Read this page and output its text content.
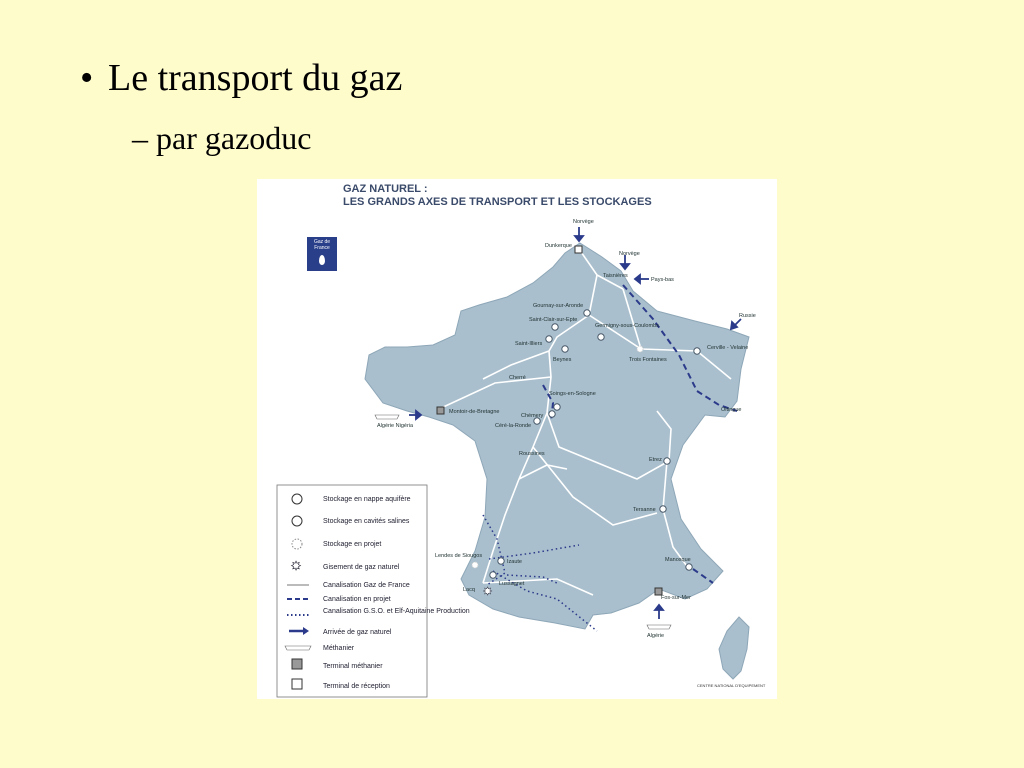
• Le transport du gaz
– par gazoduc
✸
Dunkerque
Taisnières
Gournay-sur-Aronde
Saint-Clair-sur-Epte
Germigny-sous-Coulombs
Saint-Illiers
Beynes	Trois Fontaines
Cerville - Velaine
Cherré
Soings-en-Sologne
Chémery
Montoir-de-Bretagne
Céré-la-Ronde
Roussines
Etrez
Oltingue
Tersanne
Lendes de Siougos
Izaute
Lussagnet
Lacq
Manosque
Fos-sur-Mer
Norvège
Norvège
Pays-bas
Russie
Algérie Nigéria
Algérie
✸
Stockage en nappe aquifère
Stockage en cavités salines
Stockage en projet
Gisement de gaz naturel
Canalisation Gaz de France
Canalisation en projet
Canalisation G.S.O. et Elf-Aquitaine Production
Arrivée de gaz naturel
Méthanier
Terminal méthanier
Terminal de réception	CENTRE NATIONAL D'EQUIPEMENT
GAZ NATUREL :
LES GRANDS AXES DE TRANSPORT ET LES STOCKAGES
Gaz de France
